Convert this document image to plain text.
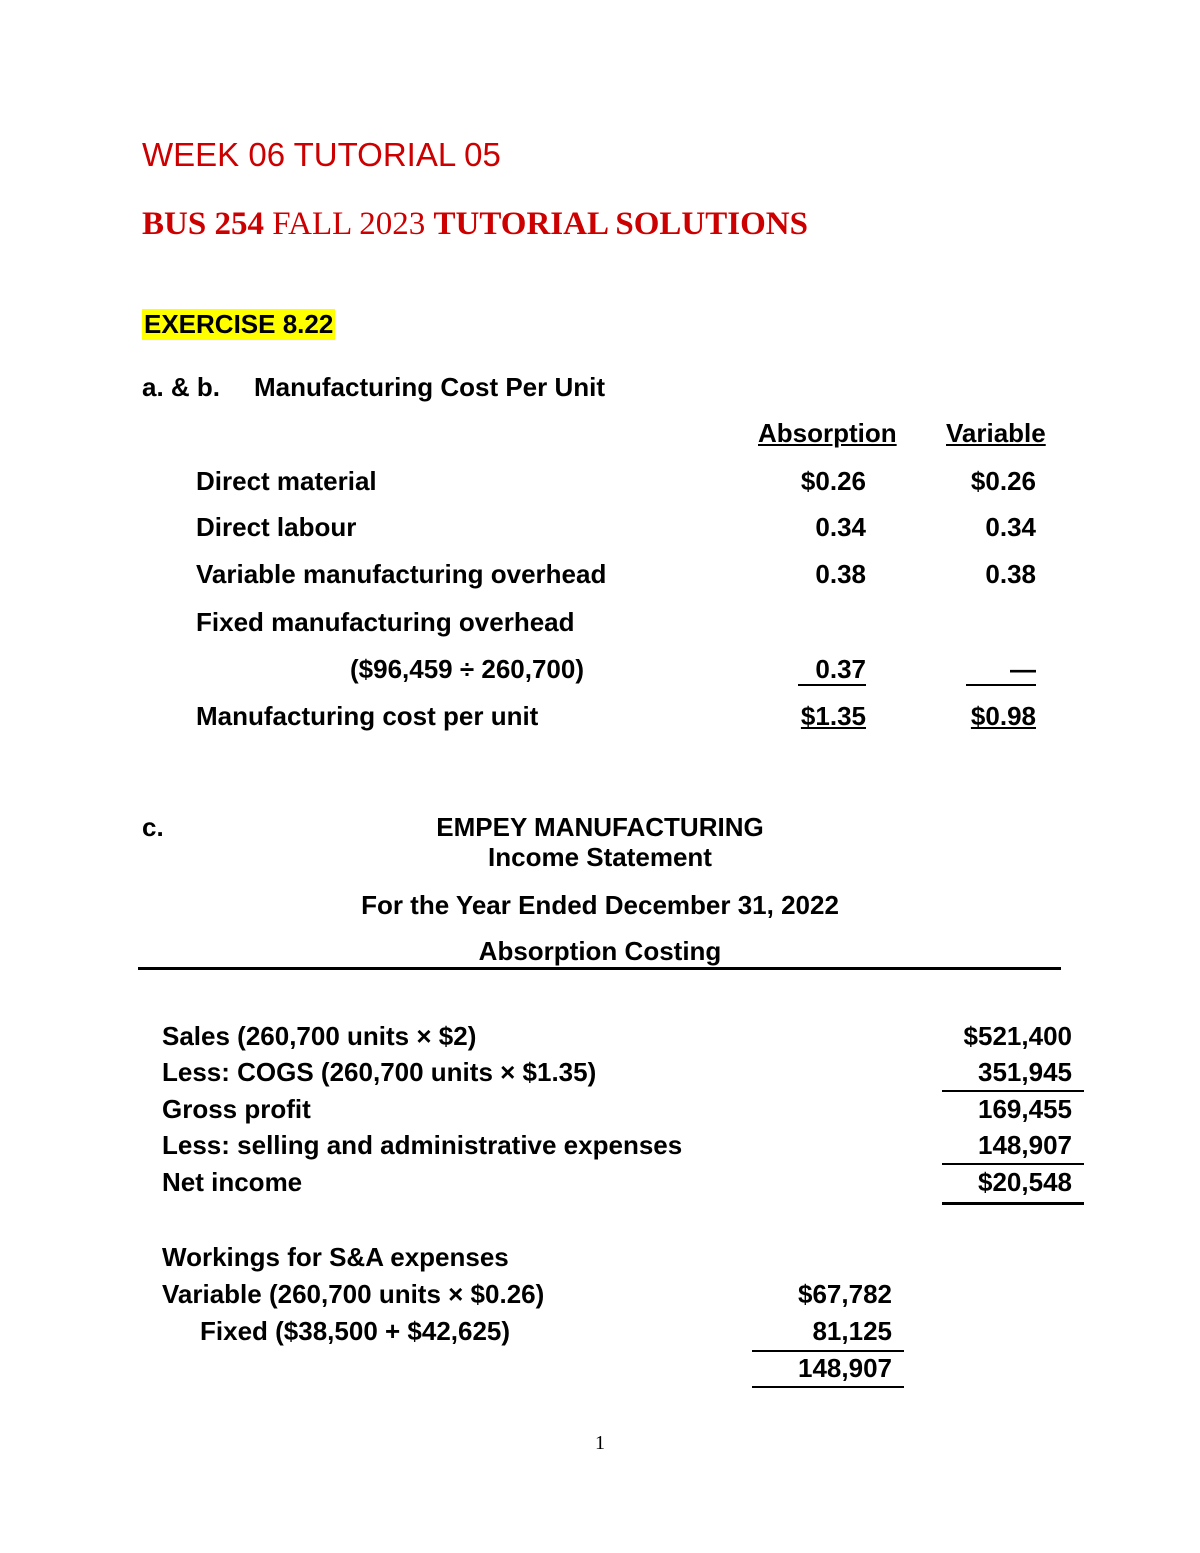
WEEK 06 TUTORIAL 05
BUS 254 FALL 2023 TUTORIAL SOLUTIONS
EXERCISE 8.22
a. & b. Manufacturing Cost Per Unit
Absorption Variable
Direct material	$0.26	$0.26
Direct labour	0.34	0.34
Variable manufacturing overhead	0.38	0.38
Fixed manufacturing overhead
($96,459 ÷ 260,700)	0.37	—
Manufacturing cost per unit	$1.35	$0.98
c.	EMPEY MANUFACTURING
Income Statement
For the Year Ended December 31, 2022
Absorption Costing
Sales (260,700 units × $2)	$521,400
Less: COGS (260,700 units × $1.35)	351,945
Gross profit	169,455
Less: selling and administrative expenses	148,907
Net income	$20,548
Workings for S&A expenses
Variable (260,700 units × $0.26)	$67,782
Fixed ($38,500 + $42,625)	81,125
148,907
1
